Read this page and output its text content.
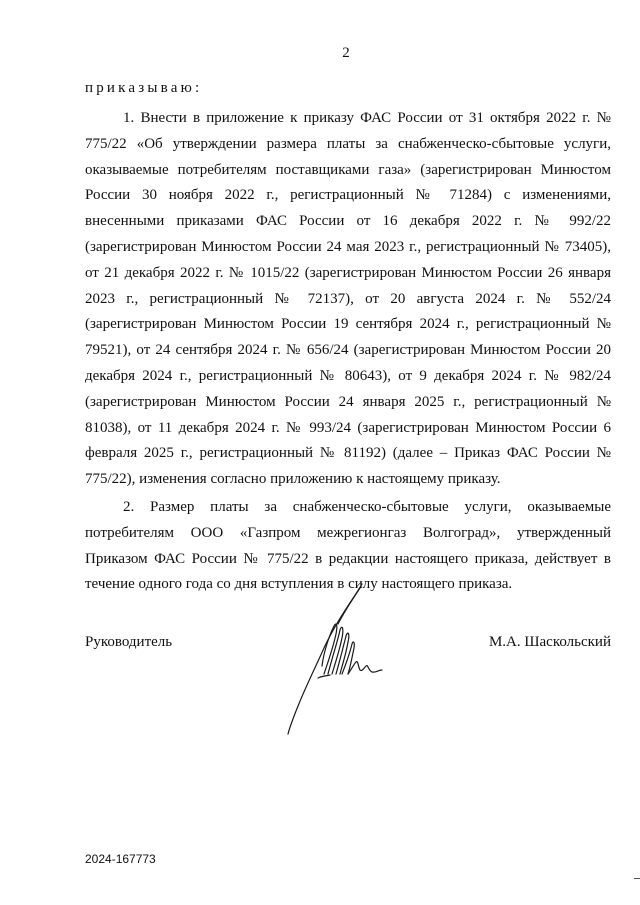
2
приказываю:

1. Внести в приложение к приказу ФАС России от 31 октября 2022 г. № 775/22 «Об утверждении размера платы за снабженческо-сбытовые услуги, оказываемые потребителям поставщиками газа» (зарегистрирован Минюстом России 30 ноября 2022 г., регистрационный № 71284) с изменениями, внесенными приказами ФАС России от 16 декабря 2022 г. № 992/22 (зарегистрирован Минюстом России 24 мая 2023 г., регистрационный № 73405), от 21 декабря 2022 г. № 1015/22 (зарегистрирован Минюстом России 26 января 2023 г., регистрационный № 72137), от 20 августа 2024 г. № 552/24 (зарегистрирован Минюстом России 19 сентября 2024 г., регистрационный № 79521), от 24 сентября 2024 г. № 656/24 (зарегистрирован Минюстом России 20 декабря 2024 г., регистрационный № 80643), от 9 декабря 2024 г. № 982/24 (зарегистрирован Минюстом России 24 января 2025 г., регистрационный № 81038), от 11 декабря 2024 г. № 993/24 (зарегистрирован Минюстом России 6 февраля 2025 г., регистрационный № 81192) (далее – Приказ ФАС России № 775/22), изменения согласно приложению к настоящему приказу.

2. Размер платы за снабженческо-сбытовые услуги, оказываемые потребителям ООО «Газпром межрегионгаз Волгоград», утвержденный Приказом ФАС России № 775/22 в редакции настоящего приказа, действует в течение одного года со дня вступления в силу настоящего приказа.

Руководитель	М.А. Шаскольский
2024-167773
